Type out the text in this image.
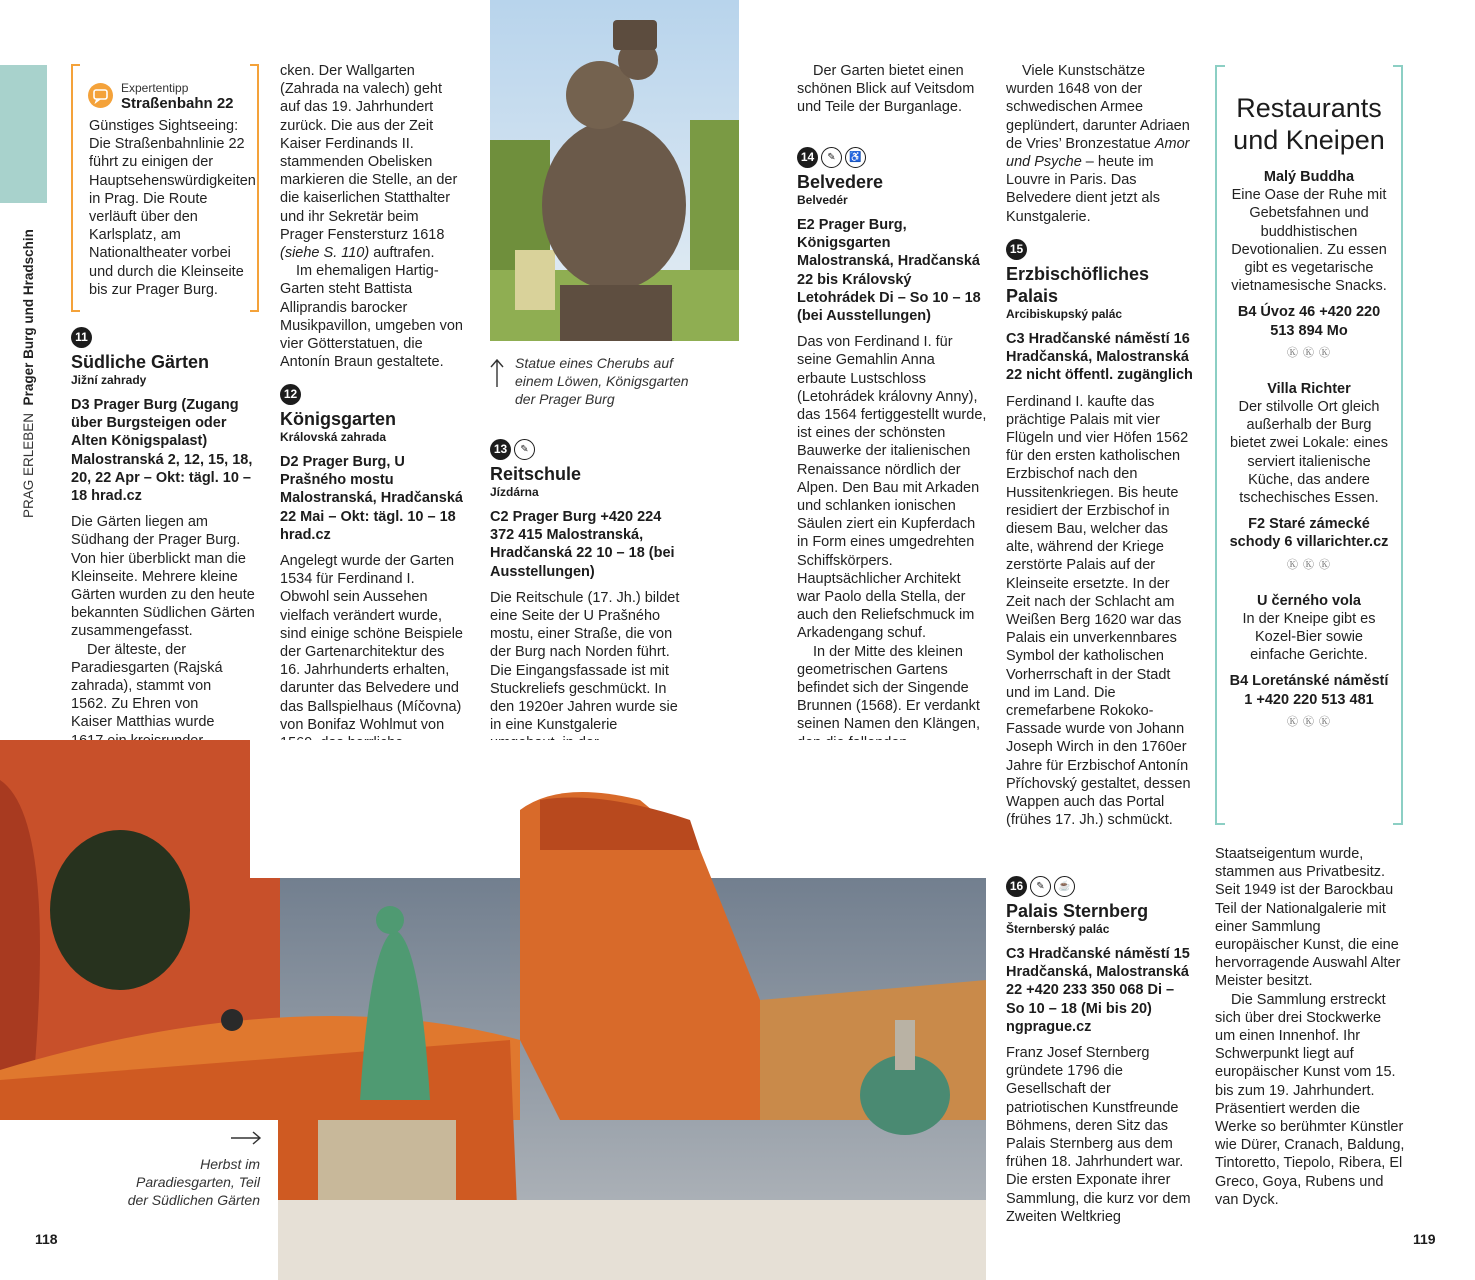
PRAG ERLEBEN  Prager Burg und Hradschin
Expertentipp
Straßenbahn 22
Günstiges Sightseeing: Die Straßenbahnlinie 22 führt zu einigen der Hauptsehenswürdigkeiten in Prag. Die Route verläuft über den Karlsplatz, am Nationaltheater vorbei und durch die Kleinseite bis zur Prager Burg.
11
Südliche Gärten
Jižní zahrady
D3 Prager Burg (Zugang über Burgsteigen oder Alten Königspalast) Malostranská 2, 12, 15, 18, 20, 22 Apr – Okt: tägl. 10 – 18 hrad.cz
Die Gärten liegen am Südhang der Prager Burg. Von hier überblickt man die Kleinseite. Mehrere kleine Gärten wurden zu den heute bekannten Südlichen Gärten zusammengefasst.
Der älteste, der Paradiesgarten (Rajská zahrada), stammt von 1562. Zu Ehren von Kaiser Matthias wurde
cken. Der Wallgarten (Zahrada na valech) geht auf das 19. Jahrhundert zurück. Die aus der Zeit Kaiser Ferdinands II. stammenden Obelisken markieren die Stelle, an der die kaiserlichen Statthalter und ihr Sekretär beim Prager Fenstersturz 1618 (siehe S. 110) auftrafen.
Im ehemaligen Hartig-Garten steht Battista Alliprandis barocker Musikpavillon, umgeben von vier Götterstatuen, die Antonín Braun gestaltete.
12
Königsgarten
Královská zahrada
D2 Prager Burg, U Prašného mostu Malostranská, Hradčanská 22 Mai – Okt: tägl. 10 – 18 hrad.cz
Angelegt wurde der Garten 1534 für Ferdinand I. Obwohl sein Aussehen vielfach verändert wurde, sind einige schöne Beispiele der Gartenarchitektur des 16. Jahrhunderts erhalten, darunter das Belvedere und das Ballspielhaus (Míčovna) von Bonifaz Wohlmut von
Statue eines Cherubs auf einem Löwen, Königsgarten der Prager Burg
13 ✎
Reitschule
Jízdárna
C2 Prager Burg +420 224 372 415 Malostranská, Hradčanská 22 10 – 18 (bei Ausstellungen)
Die Reitschule (17. Jh.) bildet eine Seite der U Prašného mostu, einer Straße, die von der Burg nach Norden führt. Die Eingangsfassade ist mit Stuckreliefs geschmückt. In den 1920er Jahren wurde sie in eine Kunstgalerie
Der Garten bietet einen schönen Blick auf Veitsdom und Teile der Burganlage.
14 ✎ ♿
Belvedere
Belvedér
E2 Prager Burg, Königsgarten Malostranská, Hradčanská 22 bis Královský Letohrádek Di – So 10 – 18 (bei Ausstellungen)
Das von Ferdinand I. für seine Gemahlin Anna erbaute Lustschloss (Letohrádek královny Anny), das 1564 fertiggestellt wurde, ist eines der schönsten Bauwerke der italienischen Renaissance nördlich der Alpen. Den Bau mit Arkaden und schlanken ionischen Säulen ziert ein Kupferdach in Form eines umgedrehten Schiffskörpers. Hauptsächlicher Architekt war Paolo della Stella, der auch den Reliefschmuck im Arkadengang schuf.
In der Mitte des kleinen geometrischen Gartens befindet sich der Singende Brunnen (1568). Er verdankt seinen Namen den Klängen,
Viele Kunstschätze wurden 1648 von der schwedischen Armee geplündert, darunter Adriaen de Vries’ Bronzestatue Amor und Psyche – heute im Louvre in Paris. Das Belvedere dient jetzt als Kunstgalerie.
15
Erzbischöfliches Palais
Arcibiskupský palác
C3 Hradčanské náměstí 16 Hradčanská, Malostranská 22 nicht öffentl. zugänglich
Ferdinand I. kaufte das prächtige Palais mit vier Flügeln und vier Höfen 1562 für den ersten katholischen Erzbischof nach den Hussitenkriegen. Bis heute residiert der Erzbischof in diesem Bau, welcher das alte, während der Kriege zerstörte Palais auf der Kleinseite ersetzte. In der Zeit nach der Schlacht am Weißen Berg 1620 war das Palais ein unverkennbares Symbol der katholischen Vorherrschaft in der Stadt und im Land. Die cremefarbene Rokoko-Fassade wurde von Johann Joseph Wirch in den 1760er Jahre für Erzbischof Antonín Příchovský gestaltet, dessen Wappen auch das Portal (frühes 17. Jh.) schmückt.
16 ✎ ☕
Palais Sternberg
Šternberský palác
C3 Hradčanské náměstí 15 Hradčanská, Malostranská 22 +420 233 350 068 Di – So 10 – 18 (Mi bis 20) ngprague.cz
Franz Josef Sternberg gründete 1796 die Gesellschaft der patriotischen Kunstfreunde Böhmens, deren Sitz das Palais Sternberg aus dem frühen 18. Jahrhundert war. Die ersten Exponate ihrer Sammlung, die kurz vor dem Zweiten Weltkrieg
Restaurants
und Kneipen
Malý Buddha
Eine Oase der Ruhe mit Gebetsfahnen und buddhistischen Devotionalien. Zu essen gibt es vegetarische vietnamesische Snacks.
B4 Úvoz 46 +420 220 513 894 Mo
Ⓚ Ⓚ Ⓚ
Villa Richter
Der stilvolle Ort gleich außerhalb der Burg bietet zwei Lokale: eines serviert italienische Küche, das andere tschechisches Essen.
F2 Staré zámecké schody 6 villarichter.cz
Ⓚ Ⓚ Ⓚ
U černého vola
In der Kneipe gibt es Kozel-Bier sowie einfache Gerichte.
B4 Loretánské náměstí 1 +420 220 513 481
Ⓚ Ⓚ Ⓚ
Staatseigentum wurde, stammen aus Privatbesitz. Seit 1949 ist der Barockbau Teil der Nationalgalerie mit einer Sammlung europäischer Kunst, die eine hervorragende Auswahl Alter Meister besitzt.
Die Sammlung erstreckt sich über drei Stockwerke um einen Innenhof. Ihr Schwerpunkt liegt auf europäischer Kunst vom 15. bis zum 19. Jahrhundert. Präsentiert werden die Werke so berühmter Künstler wie Dürer, Cranach, Baldung, Tintoretto, Tiepolo, Ribera, El Greco, Goya, Rubens und van Dyck.
Herbst im Paradiesgarten, Teil der Südlichen Gärten
118	119
